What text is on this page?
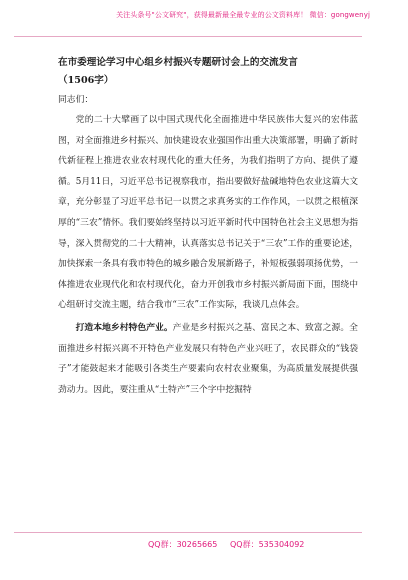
关注头条号"公文研究"，获得最新最全最专业的公文资料库！ 微信：gongwenyj

在市委理论学习中心组乡村振兴专题研讨会上的交流发言

（1506字）

同志们：

党的二十大擘画了以中国式现代化全面推进中华民族伟大复兴的宏伟蓝图，对全面推进乡村振兴、加快建设农业强国作出重大决策部署，明确了新时代新征程上推进农业农村现代化的重大任务，为我们指明了方向、提供了遵循。5月11日，习近平总书记视察我市，指出要做好盐碱地特色农业这篇大文章，充分彰显了习近平总书记一以贯之求真务实的工作作风，一以贯之根植深厚的“三农”情怀。我们要始终坚持以习近平新时代中国特色社会主义思想为指导，深入贯彻党的二十大精神，认真落实总书记关于“三农”工作的重要论述，加快探索一条具有我市特色的城乡融合发展新路子，补短板强弱项扬优势，一体推进农业现代化和农村现代化，奋力开创我市乡村振兴新局面下面，围绕中心组研讨交流主题，结合我市“三农”工作实际，我谈几点体会。

打造本地乡村特色产业。产业是乡村振兴之基、富民之本、致富之源。全面推进乡村振兴离不开特色产业发展只有特色产业兴旺了，农民群众的“钱袋子”才能鼓起来才能吸引各类生产要素向农村农业聚集，为高质量发展提供强劲动力。因此，要注重从“土特产”三个字中挖掘特

QQ群：30265665 QQ群：535304092
